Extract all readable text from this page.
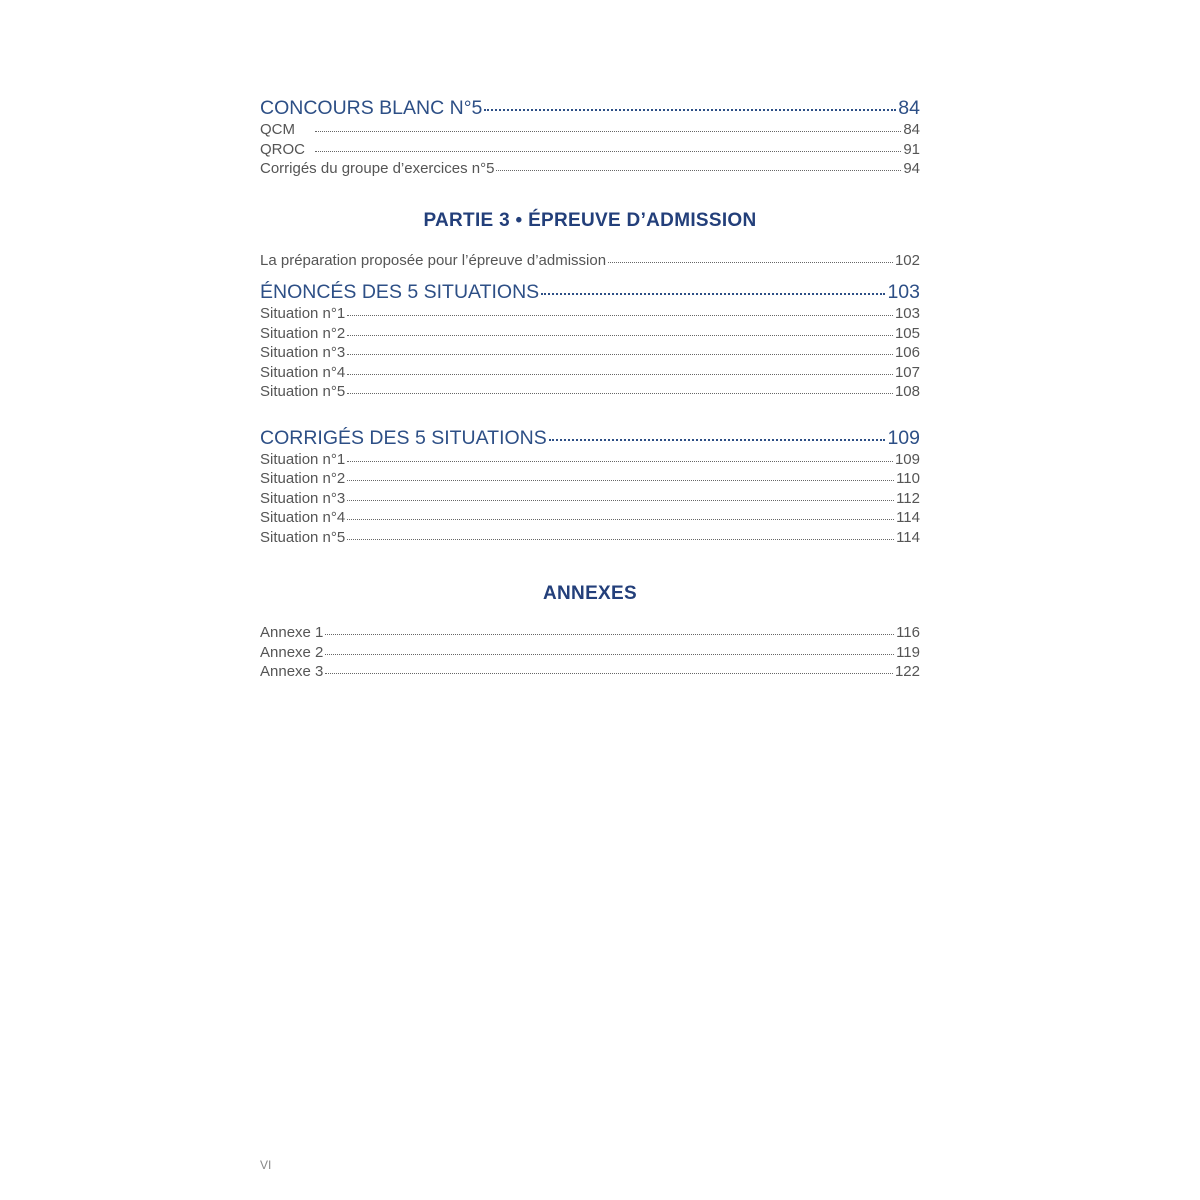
CONCOURS BLANC N°5	84
QCM	84
QROC	91
Corrigés du groupe d’exercices n°5	94
PARTIE 3 • ÉPREUVE D’ADMISSION
La préparation proposée pour l’épreuve d’admission	102
ÉNONCÉS DES 5 SITUATIONS	103
Situation n°1	103
Situation n°2	105
Situation n°3	106
Situation n°4	107
Situation n°5	108
CORRIGÉS DES 5 SITUATIONS	109
Situation n°1	109
Situation n°2	110
Situation n°3	112
Situation n°4	114
Situation n°5	114
ANNEXES
Annexe 1	116
Annexe 2	119
Annexe 3	122
VI
